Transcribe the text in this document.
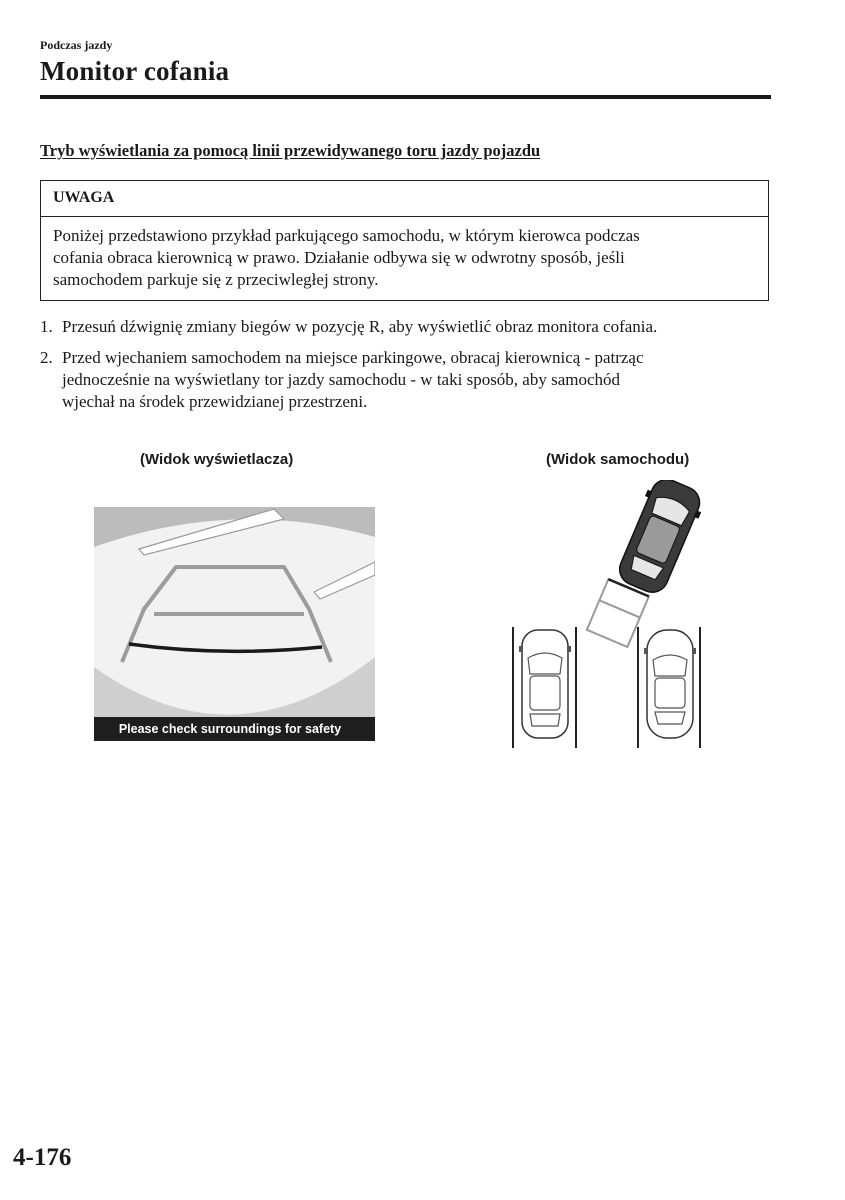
Podczas jazdy
Monitor cofania
Tryb wyświetlania za pomocą linii przewidywanego toru jazdy pojazdu
UWAGA
Poniżej przedstawiono przykład parkującego samochodu, w którym kierowca podczas
cofania obraca kierownicą w prawo. Działanie odbywa się w odwrotny sposób, jeśli
samochodem parkuje się z przeciwległej strony.
1. Przesuń dźwignię zmiany biegów w pozycję R, aby wyświetlić obraz monitora cofania.
2. Przed wjechaniem samochodem na miejsce parkingowe, obracaj kierownicą - patrząc
jednocześnie na wyświetlany tor jazdy samochodu - w taki sposób, aby samochód
wjechał na środek przewidzianej przestrzeni.
(Widok wyświetlacza)	(Widok samochodu)
Please check surroundings for safety
4-176
